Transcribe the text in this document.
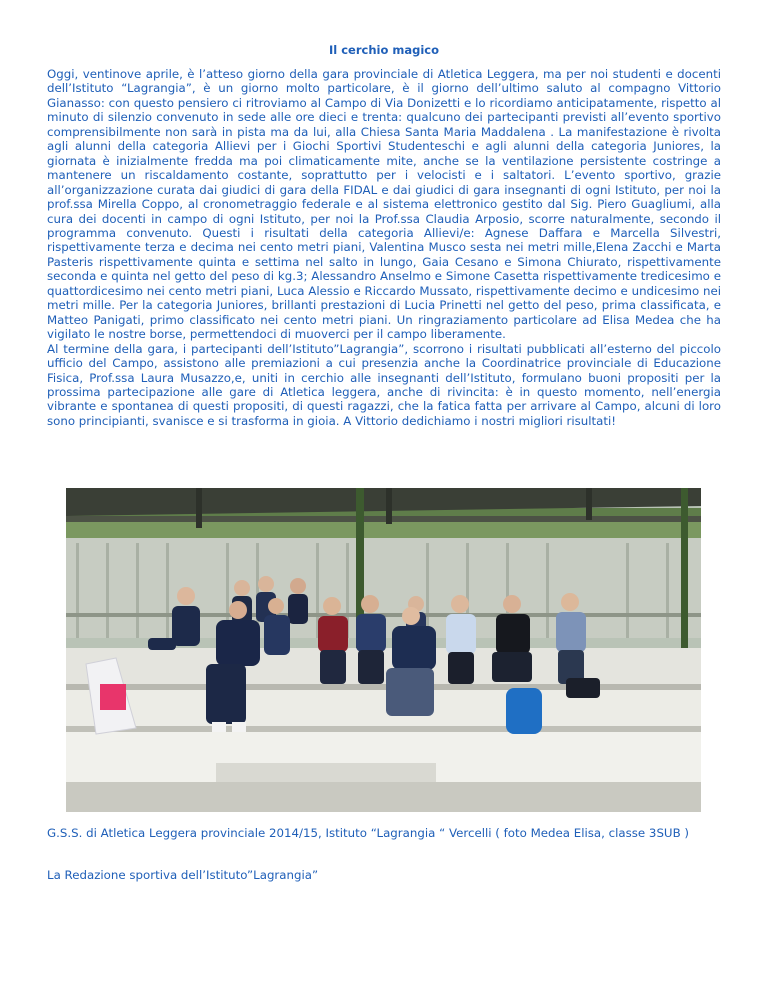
Il cerchio magico

Oggi, ventinove aprile, è l’atteso giorno della gara provinciale di Atletica Leggera, ma per noi studenti e docenti dell’Istituto “Lagrangia”, è un giorno molto particolare, è il giorno dell’ultimo saluto al compagno Vittorio Gianasso: con questo pensiero ci ritroviamo al Campo di Via Donizetti e lo ricordiamo anticipatamente, rispetto al minuto di silenzio convenuto in sede alle ore dieci e trenta: qualcuno dei partecipanti previsti all’evento sportivo comprensibilmente non sarà in pista ma da lui, alla Chiesa Santa Maria Maddalena . La manifestazione è rivolta agli alunni della categoria Allievi per i Giochi Sportivi Studenteschi e agli alunni della categoria Juniores, la giornata è inizialmente fredda ma poi climaticamente mite, anche se la ventilazione persistente costringe a mantenere un riscaldamento costante, soprattutto per i velocisti e i saltatori. L’evento sportivo, grazie all’organizzazione curata dai giudici di gara della FIDAL e dai giudici di gara insegnanti di ogni Istituto, per noi la prof.ssa Mirella Coppo, al cronometraggio federale e al sistema elettronico gestito dal Sig. Piero Guagliumi, alla cura dei docenti in campo di ogni Istituto, per noi la Prof.ssa Claudia Arposio, scorre naturalmente, secondo il programma convenuto. Questi i risultati della categoria Allievi/e: Agnese Daffara e Marcella Silvestri, rispettivamente terza e decima nei cento metri piani, Valentina Musco sesta nei metri mille,Elena Zacchi e Marta Pasteris rispettivamente quinta e settima nel salto in lungo, Gaia Cesano e Simona Chiurato, rispettivamente seconda e quinta nel getto del peso di kg.3; Alessandro Anselmo e Simone Casetta rispettivamente tredicesimo e quattordicesimo nei cento metri piani, Luca Alessio e Riccardo Mussato, rispettivamente decimo e undicesimo nei metri mille. Per la categoria Juniores, brillanti prestazioni di Lucia Prinetti nel getto del peso, prima classificata, e Matteo Panigati, primo classificato nei cento metri piani. Un ringraziamento particolare ad Elisa Medea che ha vigilato le nostre borse, permettendoci di muoverci per il campo liberamente.

Al termine della gara, i partecipanti dell’Istituto”Lagrangia”, scorrono i risultati pubblicati all’esterno del piccolo ufficio del Campo, assistono alle premiazioni a cui presenzia anche la Coordinatrice provinciale di Educazione Fisica, Prof.ssa Laura Musazzo,e, uniti in cerchio alle insegnanti dell’Istituto, formulano buoni propositi per la prossima partecipazione alle gare di Atletica leggera, anche di rivincita: è in questo momento, nell’energia vibrante e spontanea di questi propositi, di questi ragazzi, che la fatica fatta per arrivare al Campo, alcuni di loro sono principianti, svanisce e si trasforma in gioia. A Vittorio dedichiamo i nostri migliori risultati!

G.S.S. di Atletica Leggera provinciale 2014/15, Istituto “Lagrangia “ Vercelli ( foto Medea Elisa, classe 3SUB )

La Redazione sportiva dell’Istituto”Lagrangia”
